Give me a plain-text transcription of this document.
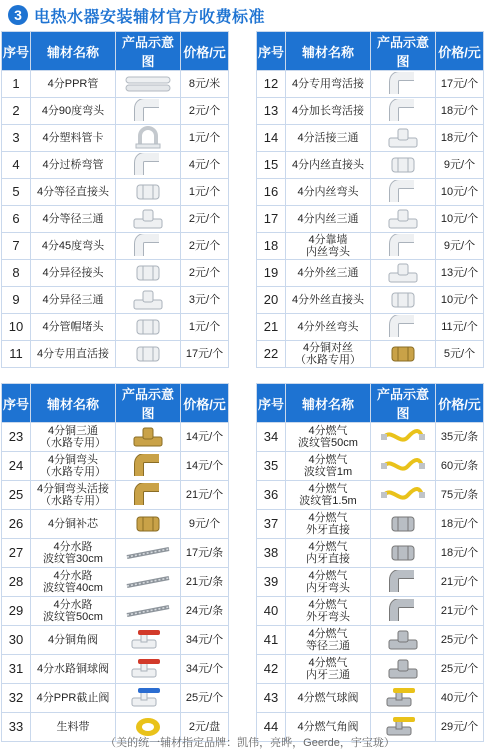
3 电热水器安装辅材官方收费标准
序号	辅材名称	产品示意图	价格/元
1	4分PPR管		8元/米
2	4分90度弯头		2元/个
3	4分塑料管卡		1元/个
4	4分过桥弯管		4元/个
5	4分等径直接头		1元/个
6	4分等径三通		2元/个
7	4分45度弯头		2元/个
8	4分异径接头		2元/个
9	4分异径三通		3元/个
10	4分管帽堵头		1元/个
11	4分专用直活接		17元/个
序号	辅材名称	产品示意图	价格/元
12	4分专用弯活接		17元/个
13	4分加长弯活接		18元/个
14	4分活接三通		18元/个
15	4分内丝直接头		9元/个
16	4分内丝弯头		10元/个
17	4分内丝三通		10元/个
18	4分靠墙
内丝弯头		9元/个
19	4分外丝三通		13元/个
20	4分外丝直接头		10元/个
21	4分外丝弯头		11元/个
22	4分铜对丝
（水路专用）		5元/个
序号	辅材名称	产品示意图	价格/元
23	4分铜三通
（水路专用）		14元/个
24	4分铜弯头
（水路专用）		14元/个
25	4分铜弯头活接
（水路专用）		21元/个
26	4分铜补芯		9元/个
27	4分水路
波纹管30cm		17元/条
28	4分水路
波纹管40cm		21元/条
29	4分水路
波纹管50cm		24元/条
30	4分铜角阀		34元/个
31	4分水路铜球阀		34元/个
32	4分PPR截止阀		25元/个
33	生料带		2元/盘
序号	辅材名称	产品示意图	价格/元
34	4分燃气
波纹管50cm		35元/条
35	4分燃气
波纹管1m		60元/条
36	4分燃气
波纹管1.5m		75元/条
37	4分燃气
外牙直接		18元/个
38	4分燃气
内牙直接		18元/个
39	4分燃气
内牙弯头		21元/个
40	4分燃气
外牙弯头		21元/个
41	4分燃气
等径三通		25元/个
42	4分燃气
内牙三通		25元/个
43	4分燃气球阀		40元/个
44	4分燃气角阀		29元/个
（美的统一辅材指定品牌：凯伟，亮晔，Geerde，宇宝珑）
